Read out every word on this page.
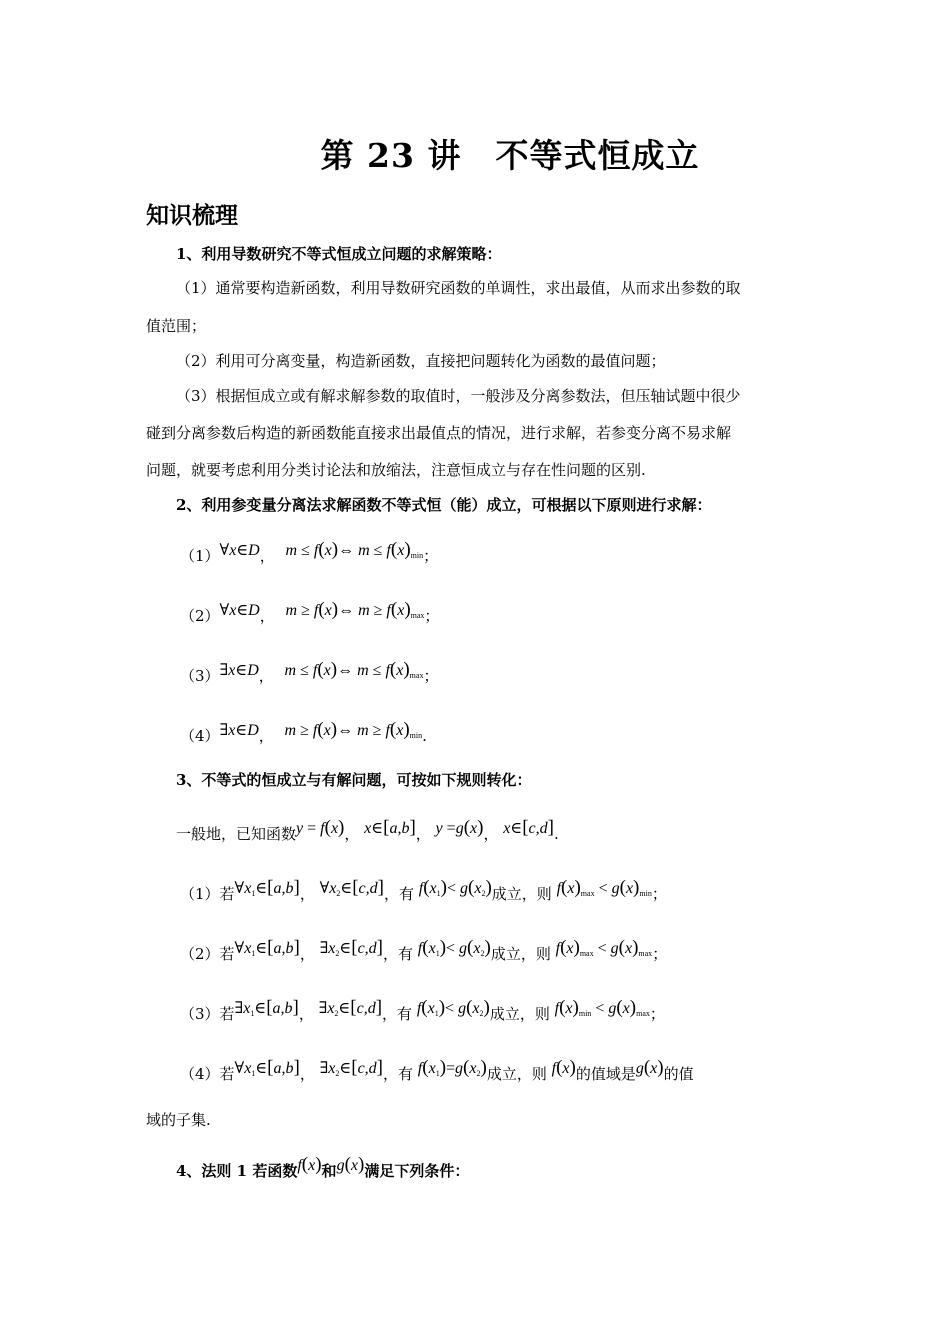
第 23 讲　不等式恒成立
知识梳理
1、利用导数研究不等式恒成立问题的求解策略：
（1）通常要构造新函数，利用导数研究函数的单调性，求出最值，从而求出参数的取
值范围；
（2）利用可分离变量，构造新函数，直接把问题转化为函数的最值问题；
（3）根据恒成立或有解求解参数的取值时，一般涉及分离参数法，但压轴试题中很少
碰到分离参数后构造的新函数能直接求出最值点的情况，进行求解，若参变分离不易求解
问题，就要考虑利用分类讨论法和放缩法，注意恒成立与存在性问题的区别.
2、利用参变量分离法求解函数不等式恒（能）成立，可根据以下原则进行求解：
（1）∀x∈D， m ≤ f(x)⇔ $m \le f(x)_{min}$；
（2）∀x∈D， m ≥ f(x)⇔ $m \ge f(x)_{max}$；
（3）∃x∈D， m ≤ f(x)⇔ $m \le f(x)_{max}$；
（4）∃x∈D， m ≥ f(x)⇔ $m \ge f(x)_{min}$.
3、不等式的恒成立与有解问题，可按如下规则转化：
一般地，已知函数y = f(x)， x∈[a,b]， y =g(x)， x∈[c,d].
（1）若$\forall x_1\in[a,b]$， $\forall x_2\in[c,d]$，有 $f(x_1)< g(x_2)$成立，则 $f(x)_{max} < g(x)_{min}$；
（2）若$\forall x_1\in[a,b]$， $\exists x_2\in[c,d]$，有 $f(x_1)< g(x_2)$成立，则 $f(x)_{max} < g(x)_{max}$；
（3）若$\exists x_1\in[a,b]$， $\exists x_2\in[c,d]$，有 $f(x_1)< g(x_2)$成立，则 $f(x)_{min} < g(x)_{max}$；
（4）若$\forall x_1\in[a,b]$， $\exists x_2\in[c,d]$，有 $f(x_1)=g(x_2)$成立，则 f(x)的值域是g(x)的值
域的子集.
4、法则 1 若函数f(x)和g(x)满足下列条件：
